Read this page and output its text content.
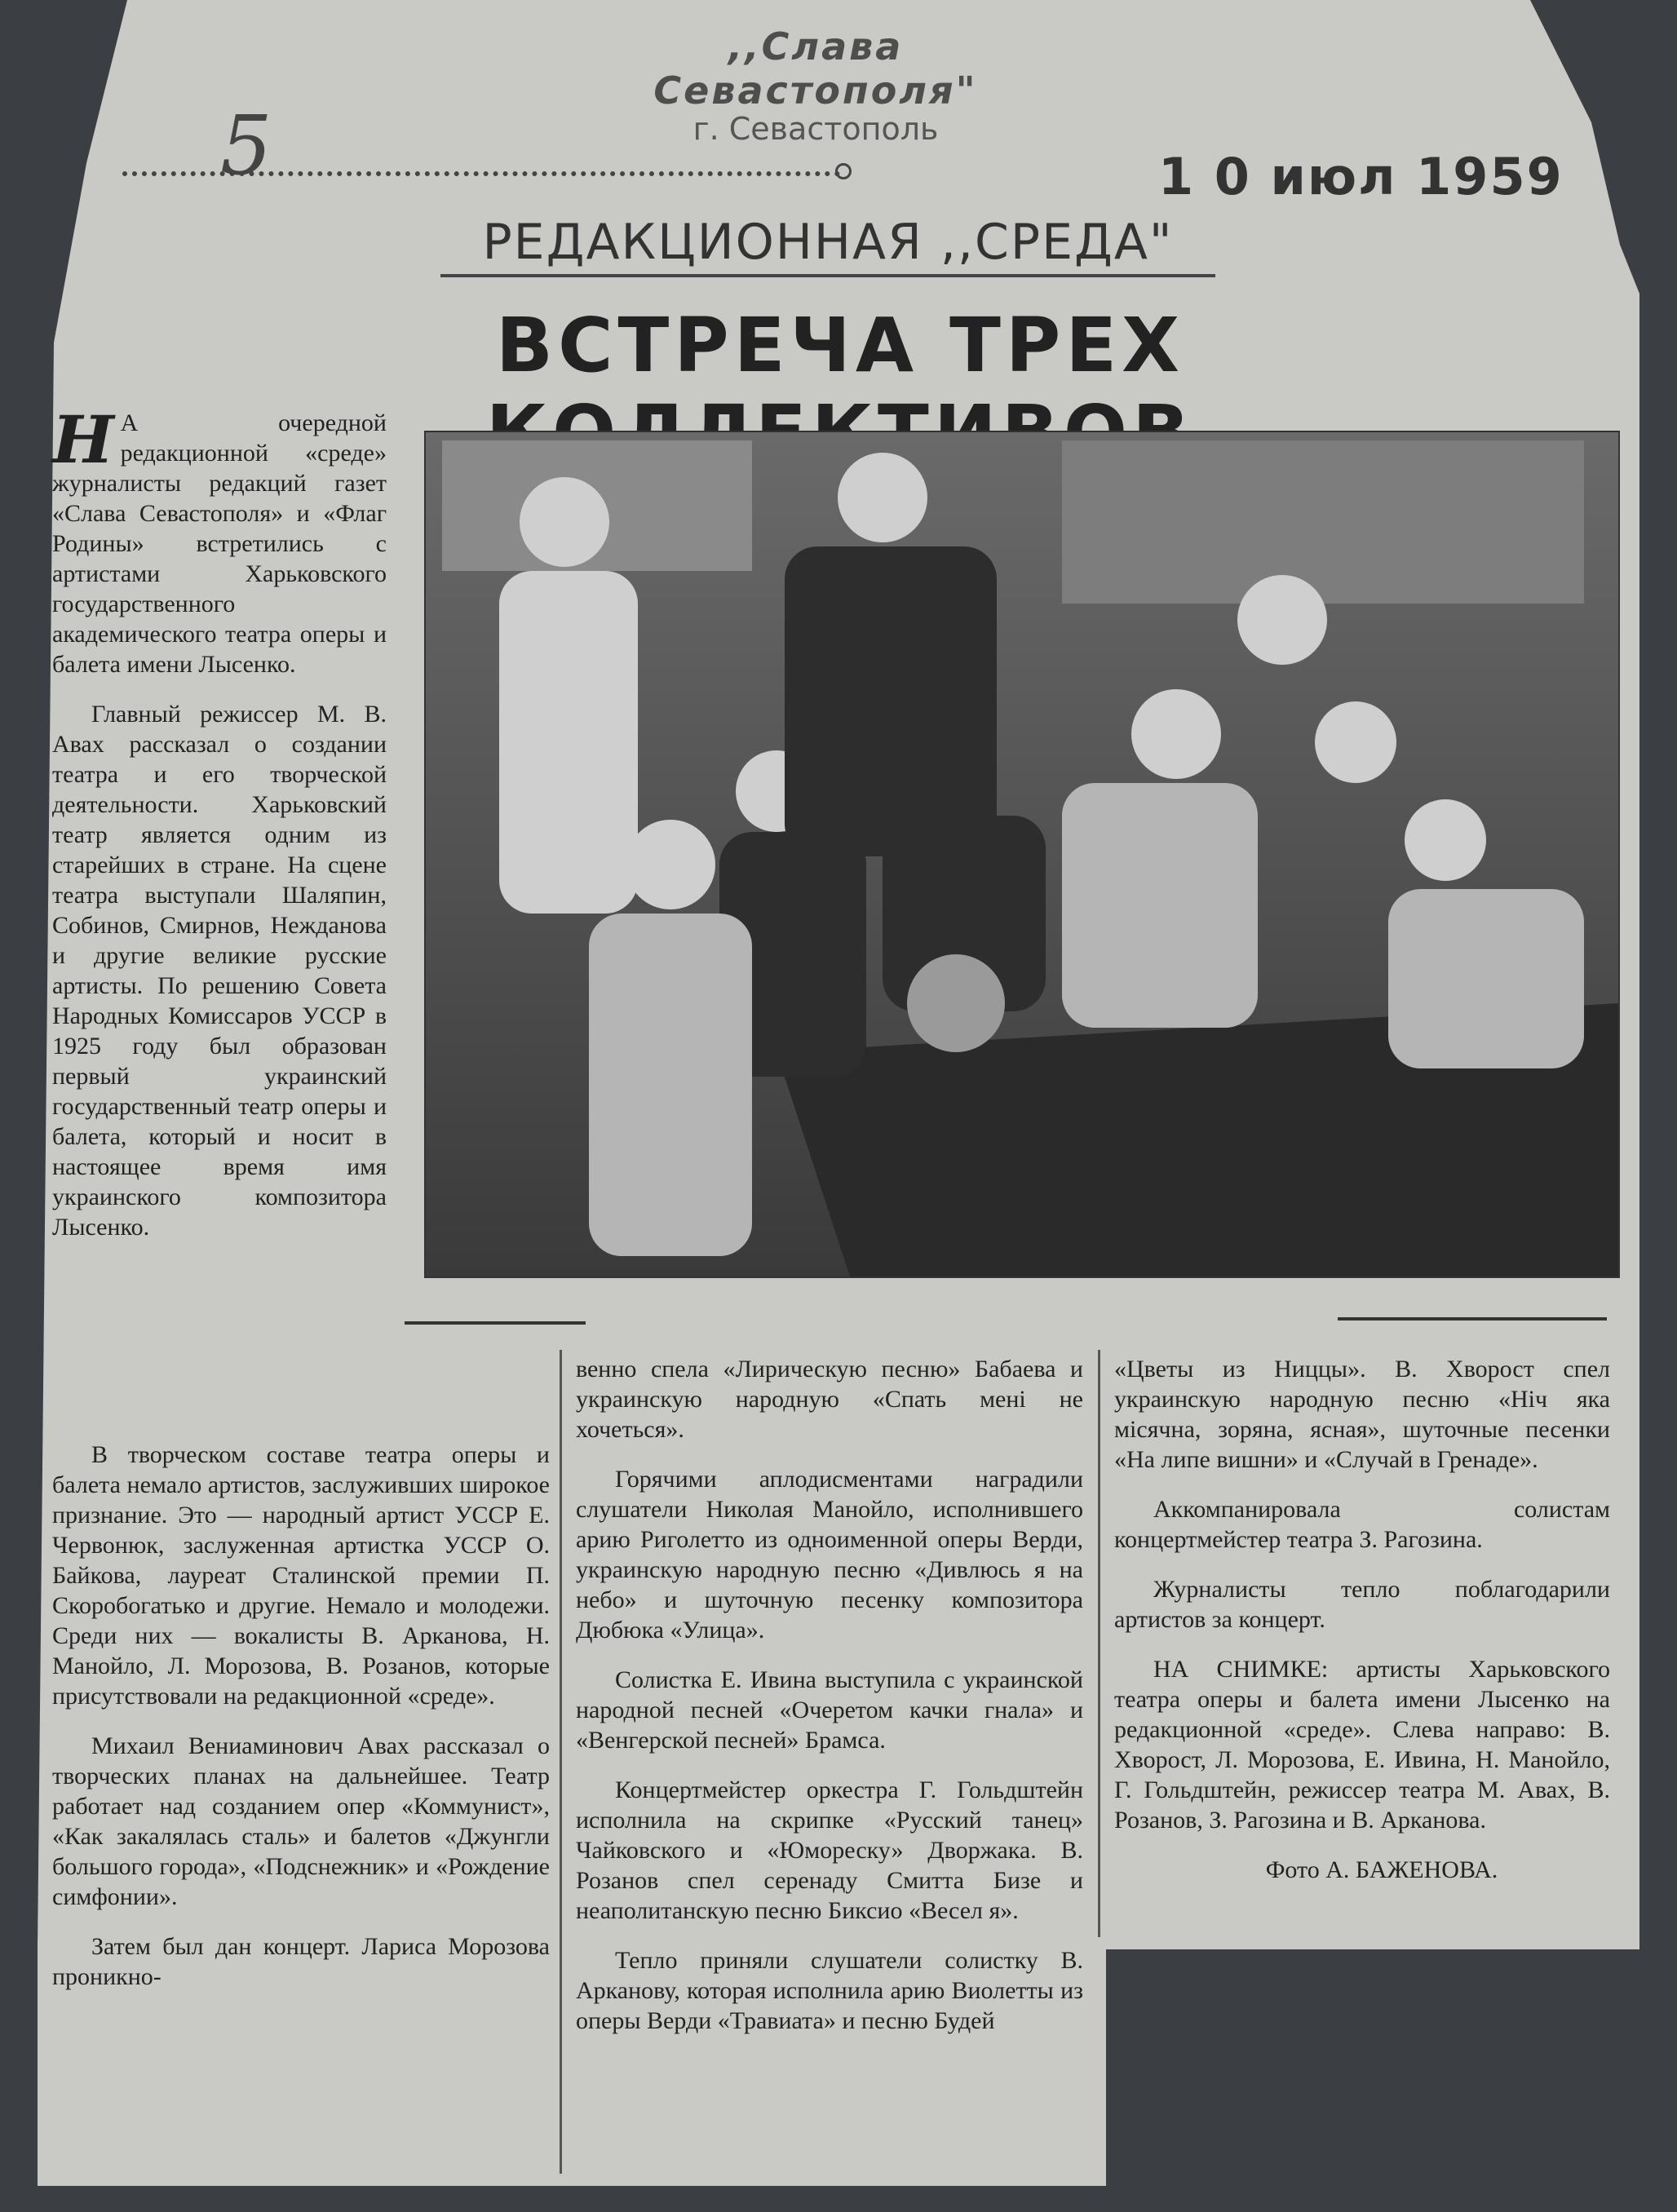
,,Слава Севастополя"
г. Севастополь
5	1 0 июл 1959
РЕДАКЦИОННАЯ ,,СРЕДА"
ВСТРЕЧА ТРЕХ

Н А очередной редакционной «среде» журналисты редакций газет «Слава Севастополя» и «Флаг Родины» встретились с артистами Харьковского государственного академического театра оперы и балета имени Лысенко.

Главный режиссер М. В. Авах рассказал о создании театра и его творческой деятельности. Харьковский театр является одним из старейших в стране. На сцене театра выступали Шаляпин, Собинов, Смирнов, Нежданова и другие великие русские артисты. По решению Совета Народных Комиссаров УССР в 1925 году был образован первый украинский государственный театр оперы и балета, который и носит в настоящее время имя украинского композитора Лысенко.

В творческом составе театра оперы и балета немало артистов, заслуживших широкое признание. Это — народный артист УССР Е. Червонюк, заслуженная артистка УССР О. Байкова, лауреат Сталинской премии П. Скоробогатько и другие. Немало и молодежи. Среди них — вокалисты В. Арканова, Н. Манойло, Л. Морозова, В. Розанов, которые присутствовали на редакционной «среде».

Михаил Вениаминович Авах рассказал о творческих планах на дальнейшее. Театр работает над созданием опер «Коммунист», «Как закалялась сталь» и балетов «Джунгли большого города», «Подснежник» и «Рождение симфонии».

Затем был дан концерт. Лариса Морозова проникно-

венно спела «Лирическую песню» Бабаева и украинскую народную «Спать мені не хочеться».

Горячими аплодисментами наградили слушатели Николая Манойло, исполнившего арию Риголетто из одноименной оперы Верди, украинскую народную песню «Дивлюсь я на небо» и шуточную песенку композитора Дюбюка «Улица».

Солистка Е. Ивина выступила с украинской народной песней «Очеретом качки гнала» и «Венгерской песней» Брамса.

Концертмейстер оркестра Г. Гольдштейн исполнила на скрипке «Русский танец» Чайковского и «Юмореску» Дворжака. В. Розанов спел серенаду Смитта Бизе и неаполитанскую песню Биксио «Весел я».

Тепло приняли слушатели солистку В. Арканову, которая исполнила арию Виолетты из оперы Верди «Травиата» и песню Будей

«Цветы из Ниццы». В. Хворост спел украинскую народную песню «Ніч яка місячна, зоряна, ясная», шуточные песенки «На липе вишни» и «Случай в Гренаде».

Аккомпанировала солистам концертмейстер театра З. Рагозина.

Журналисты тепло поблагодарили артистов за концерт.

НА СНИМКЕ: артисты Харьковского театра оперы и балета имени Лысенко на редакционной «среде». Слева направо: В. Хворост, Л. Морозова, Е. Ивина, Н. Манойло, Г. Гольдштейн, режиссер театра М. Авах, В. Розанов, З. Рагозина и В. Арканова.

Фото А. БАЖЕНОВА.
